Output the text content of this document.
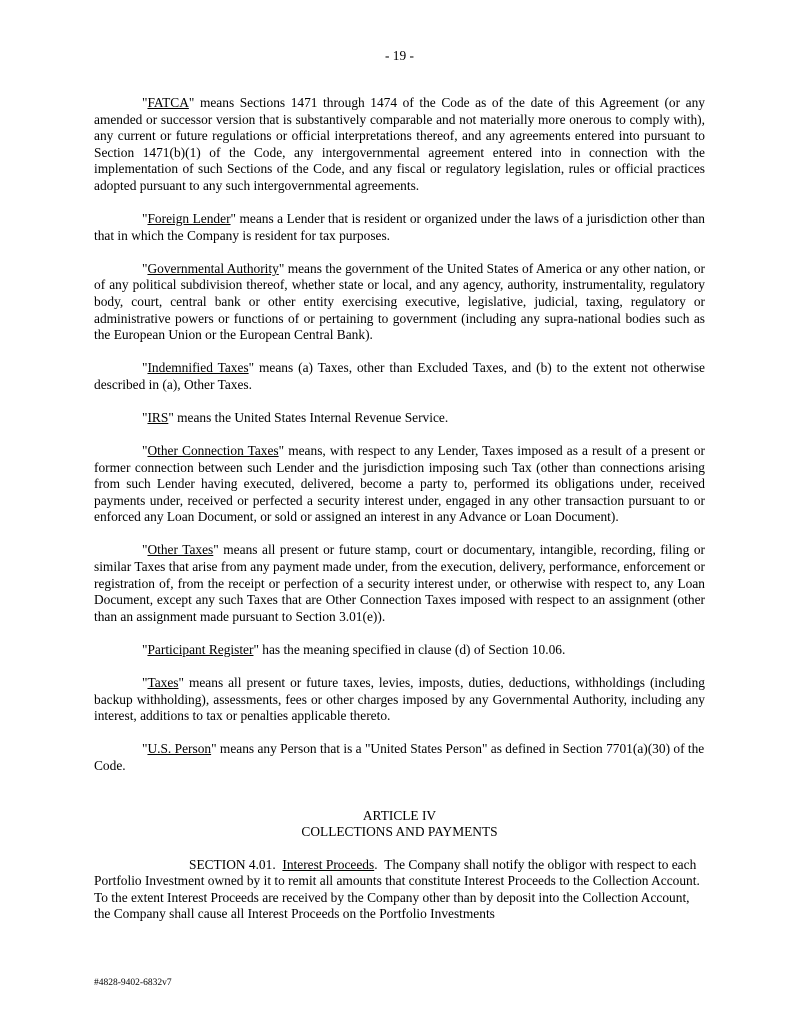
- 19 -

"FATCA" means Sections 1471 through 1474 of the Code as of the date of this Agreement (or any amended or successor version that is substantively comparable and not materially more onerous to comply with), any current or future regulations or official interpretations thereof, and any agreements entered into pursuant to Section 1471(b)(1) of the Code, any intergovernmental agreement entered into in connection with the implementation of such Sections of the Code, and any fiscal or regulatory legislation, rules or official practices adopted pursuant to any such intergovernmental agreements.

"Foreign Lender" means a Lender that is resident or organized under the laws of a jurisdiction other than that in which the Company is resident for tax purposes.

"Governmental Authority" means the government of the United States of America or any other nation, or of any political subdivision thereof, whether state or local, and any agency, authority, instrumentality, regulatory body, court, central bank or other entity exercising executive, legislative, judicial, taxing, regulatory or administrative powers or functions of or pertaining to government (including any supra-national bodies such as the European Union or the European Central Bank).

"Indemnified Taxes" means (a) Taxes, other than Excluded Taxes, and (b) to the extent not otherwise described in (a), Other Taxes.

"IRS" means the United States Internal Revenue Service.

"Other Connection Taxes" means, with respect to any Lender, Taxes imposed as a result of a present or former connection between such Lender and the jurisdiction imposing such Tax (other than connections arising from such Lender having executed, delivered, become a party to, performed its obligations under, received payments under, received or perfected a security interest under, engaged in any other transaction pursuant to or enforced any Loan Document, or sold or assigned an interest in any Advance or Loan Document).

"Other Taxes" means all present or future stamp, court or documentary, intangible, recording, filing or similar Taxes that arise from any payment made under, from the execution, delivery, performance, enforcement or registration of, from the receipt or perfection of a security interest under, or otherwise with respect to, any Loan Document, except any such Taxes that are Other Connection Taxes imposed with respect to an assignment (other than an assignment made pursuant to Section 3.01(e)).

"Participant Register" has the meaning specified in clause (d) of Section 10.06.

"Taxes" means all present or future taxes, levies, imposts, duties, deductions, withholdings (including backup withholding), assessments, fees or other charges imposed by any Governmental Authority, including any interest, additions to tax or penalties applicable thereto.

"U.S. Person" means any Person that is a "United States Person" as defined in Section 7701(a)(30) of the Code.

ARTICLE IV
COLLECTIONS AND PAYMENTS

SECTION 4.01. Interest Proceeds.  The Company shall notify the obligor with respect to each Portfolio Investment owned by it to remit all amounts that constitute Interest Proceeds to the Collection Account. To the extent Interest Proceeds are received by the Company other than by deposit into the Collection Account, the Company shall cause all Interest Proceeds on the Portfolio Investments

#4828-9402-6832v7
